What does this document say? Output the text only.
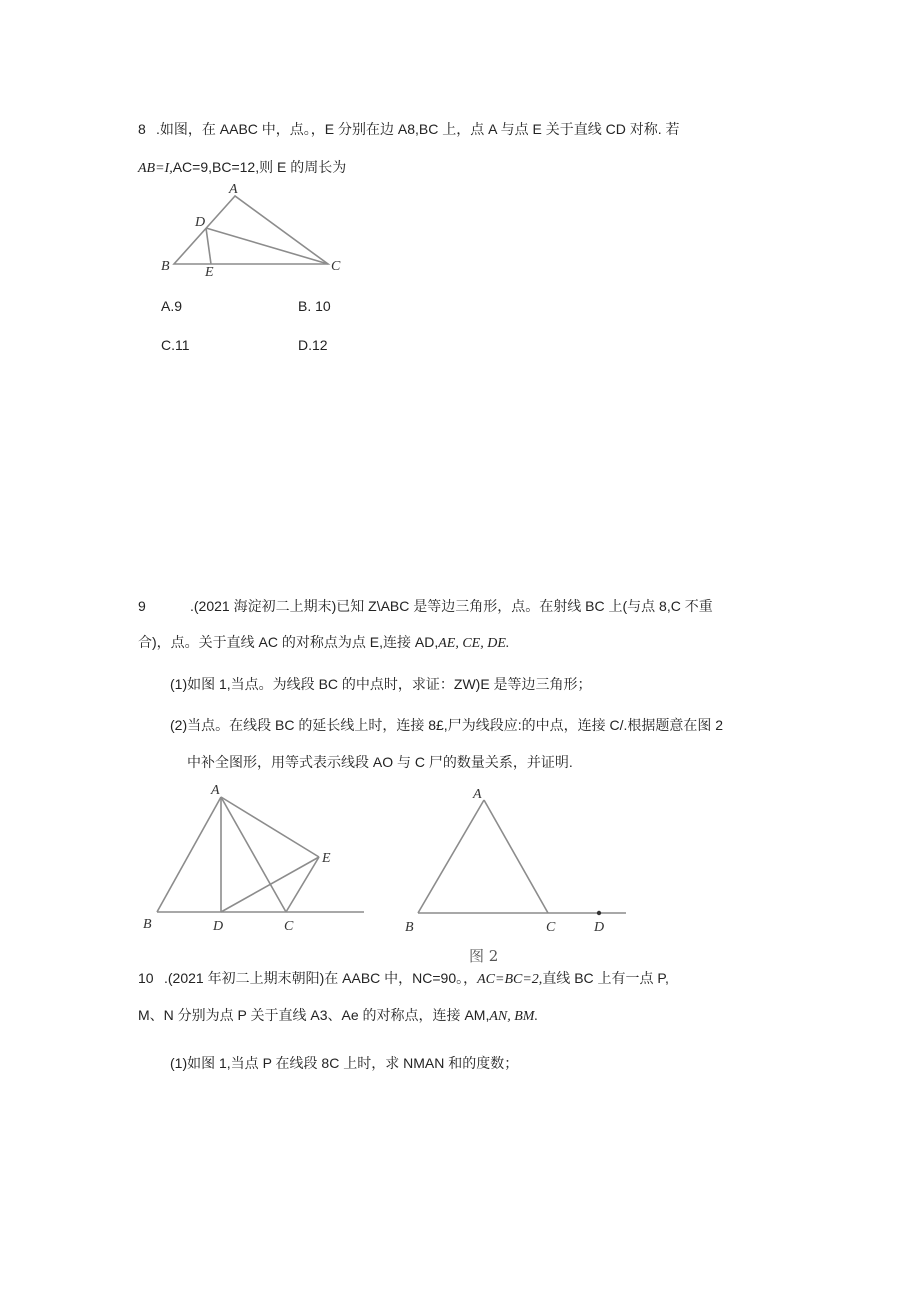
8 .如图，在 AABC 中，点。，E 分别在边 A8,BC 上，点 A 与点 E 关于直线 CD 对称. 若
AB=I,AC=9,BC=12,则 E 的周长为
A
D
B	E	C
A.9	B. 10
C.11	D.12
9	.(2021 海淀初二上期末)已知 Z\ABC 是等边三角形，点。在射线 BC 上(与点 8,C 不重
合)，点。关于直线 AC 的对称点为点 E,连接 AD,AE, CE, DE.
(1)如图 1,当点。为线段 BC 的中点时，求证：ZW)E 是等边三角形；
(2)当点。在线段 BC 的延长线上时，连接 8£,尸为线段应:的中点，连接 C/.根据题意在图 2
中补全图形，用等式表示线段 AO 与 C 尸的数量关系，并证明.
A
E
B	D	C
A
B	C	D
图 2
10 .(2021 年初二上期末朝阳)在 AABC 中，NC=90。，AC=BC=2,直线 BC 上有一点 P,
M、N 分别为点 P 关于直线 A3、Ae 的对称点，连接 AM,AN, BM.
(1)如图 1,当点 P 在线段 8C 上时，求 NMAN 和的度数；
